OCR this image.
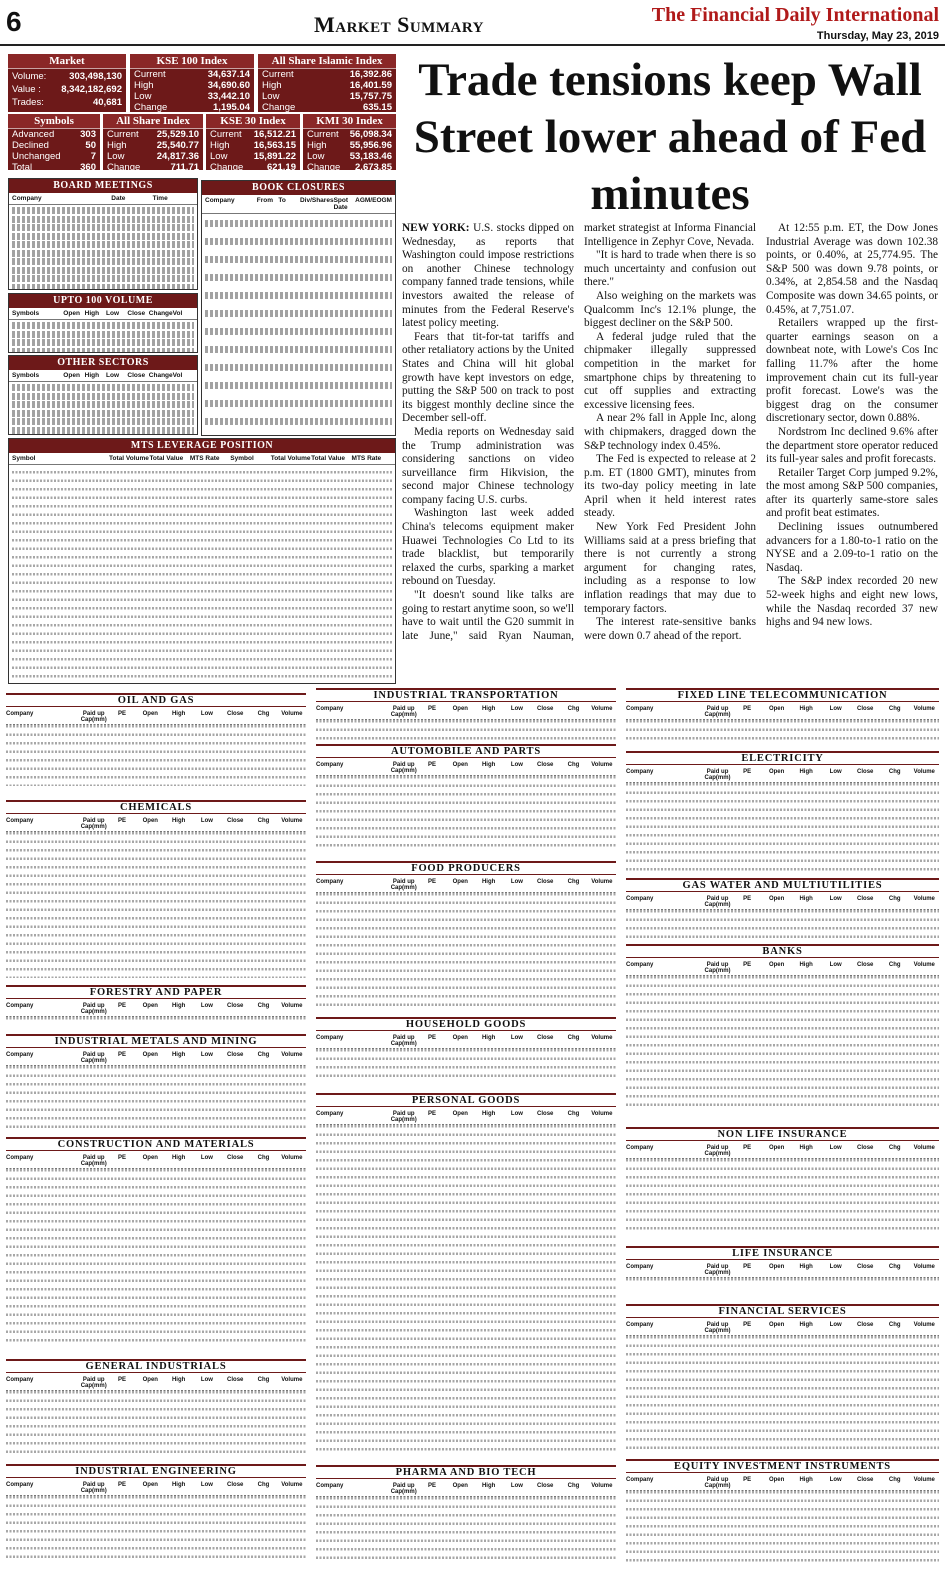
6	Market Summary	The Financial Daily International
Thursday, May 23, 2019
Market
Volume: 303,498,130
Value : 8,342,182,692
Trades:	40,681
KSE 100 Index
Current	34,637.14
High	34,690.60
Low	33,442.10
Change	1,195.04
All Share Islamic Index
Current	16,392.86
High	16,401.59
Low	15,757.75
Change	635.15
Symbols
Advanced	303
Declined	50
Unchanged	7
Total	360
All Share Index
Current 25,529.10
High	25,540.77
Low	24,817.36
Change	711.71
KSE 30 Index
Current 16,512.21
High	16,563.15
Low	15,891.22
Change 621.19
KMI 30 Index
Current 56,098.34
High 55,956.96
Low	53,183.46
Change 2,673.85
BOARD MEETINGS
Company	Date	Time
BOOK CLOSURES
Company	From To	Div/Shares Spot Date
AGM/EOGM
UPTO 100 VOLUME
Symbols	Open High	Low	Close Change Vol
OTHER SECTORS
Symbols	Open High	Low	Close Change Vol
MTS LEVERAGE POSITION
Symbol	Total Volume Total Value	MTS Rate	Symbol	Total Volume Total Value	MTS Rate
Trade tensions keep Wall Street lower ahead of Fed minutes

NEW YORK: U.S. stocks dipped on Wednesday, as reports that Washington could impose restrictions on another Chinese technology company fanned trade tensions, while investors awaited the release of minutes from the Federal Reserve's latest policy meeting.

Fears that tit-for-tat tariffs and other retaliatory actions by the United States and China will hit global growth have kept investors on edge, putting the S&P 500 on track to post its biggest monthly decline since the December sell-off.

Media reports on Wednesday said the Trump administration was considering sanctions on video surveillance firm Hikvision, the second major Chinese technology company facing U.S. curbs.

Washington last week added China's telecoms equipment maker Huawei Technologies Co Ltd to its trade blacklist, but temporarily relaxed the curbs, sparking a market rebound on Tuesday.

"It doesn't sound like talks are going to restart anytime soon, so we'll have to wait until the G20 summit in late June," said Ryan Nauman, market strategist at Informa Financial Intelligence in Zephyr Cove, Nevada.

"It is hard to trade when there is so much uncertainty and confusion out there."

Also weighing on the markets was Qualcomm Inc's 12.1% plunge, the biggest decliner on the S&P 500.

A federal judge ruled that the chipmaker illegally suppressed competition in the market for smartphone chips by threatening to cut off supplies and extracting excessive licensing fees.

A near 2% fall in Apple Inc, along with chipmakers, dragged down the S&P technology index 0.45%.

The Fed is expected to release at 2 p.m. ET (1800 GMT), minutes from its two-day policy meeting in late April when it held interest rates steady.

New York Fed President John Williams said at a press briefing that there is not currently a strong argument for changing rates, including as a response to low inflation readings that may due to temporary factors.

The interest rate-sensitive banks were down 0.7 ahead of the report.

At 12:55 p.m. ET, the Dow Jones Industrial Average was down 102.38 points, or 0.40%, at 25,774.95. The S&P 500 was down 9.78 points, or 0.34%, at 2,854.58 and the Nasdaq Composite was down 34.65 points, or 0.45%, at 7,751.07.

Retailers wrapped up the first-quarter earnings season on a downbeat note, with Lowe's Cos Inc falling 11.7% after the home improvement chain cut its full-year profit forecast. Lowe's was the biggest drag on the consumer discretionary sector, down 0.88%.

Nordstrom Inc declined 9.6% after the department store operator reduced its full-year sales and profit forecasts.

Retailer Target Corp jumped 9.2%, the most among S&P 500 companies, after its quarterly same-store sales and profit beat estimates.

Declining issues outnumbered advancers for a 1.80-to-1 ratio on the NYSE and a 2.09-to-1 ratio on the Nasdaq.

The S&P index recorded 20 new 52-week highs and eight new lows, while the Nasdaq recorded 37 new highs and 94 new lows.

OIL AND GAS
Company	Paid up Cap(mm)
PE	Open	High	Low	Close	Chg	Volume
CHEMICALS
Company	Paid up Cap(mm)
PE	Open	High	Low	Close	Chg	Volume
FORESTRY AND PAPER
Company	Paid up Cap(mm)
PE	Open	High	Low	Close	Chg	Volume
INDUSTRIAL METALS AND MINING
Company	Paid up Cap(mm)
PE	Open	High	Low	Close	Chg	Volume
CONSTRUCTION AND MATERIALS
Company	Paid up Cap(mm)
PE	Open	High	Low	Close	Chg	Volume
GENERAL INDUSTRIALS
Company	Paid up Cap(mm)
PE	Open	High	Low	Close	Chg	Volume
INDUSTRIAL ENGINEERING
Company	Paid up Cap(mm)
PE	Open	High	Low	Close	Chg	Volume
INDUSTRIAL TRANSPORTATION
Company	Paid up Cap(mm)
PE	Open	High	Low	Close	Chg	Volume
AUTOMOBILE AND PARTS
Company	Paid up Cap(mm)
PE	Open	High	Low	Close	Chg	Volume
FOOD PRODUCERS
Company	Paid up Cap(mm)
PE	Open	High	Low	Close	Chg	Volume
HOUSEHOLD GOODS
Company	Paid up Cap(mm)
PE	Open	High	Low	Close	Chg	Volume
PERSONAL GOODS
Company	Paid up Cap(mm)
PE	Open	High	Low	Close	Chg	Volume
PHARMA AND BIO TECH
Company	Paid up Cap(mm)
PE	Open	High	Low	Close	Chg	Volume
FIXED LINE TELECOMMUNICATION
Company	Paid up Cap(mm)
PE	Open	High	Low	Close	Chg	Volume
ELECTRICITY
Company	Paid up Cap(mm)
PE	Open	High	Low	Close	Chg	Volume
GAS WATER AND MULTIUTILITIES
Company	Paid up Cap(mm)
PE	Open	High	Low	Close	Chg	Volume
BANKS
Company	Paid up Cap(mm)
PE	Open	High	Low	Close	Chg	Volume
NON LIFE INSURANCE
Company	Paid up Cap(mm)
PE	Open	High	Low	Close	Chg	Volume
LIFE INSURANCE
Company	Paid up Cap(mm)
PE	Open	High	Low	Close	Chg	Volume
FINANCIAL SERVICES
Company	Paid up Cap(mm)
PE	Open	High	Low	Close	Chg	Volume
EQUITY INVESTMENT INSTRUMENTS
Company	Paid up Cap(mm)
PE	Open	High	Low	Close	Chg	Volume
